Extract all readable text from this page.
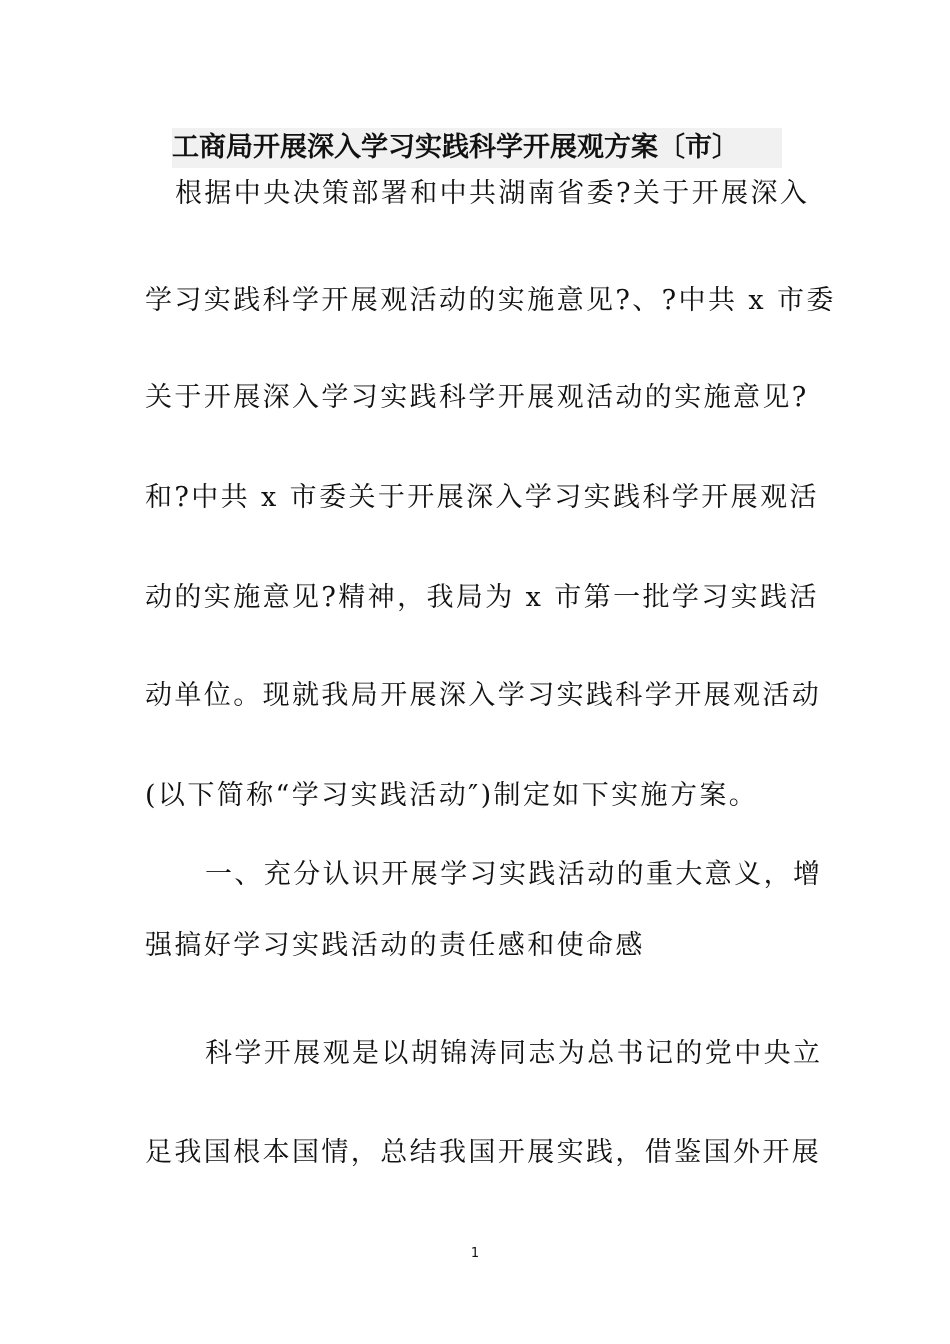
工商局开展深入学习实践科学开展观方案〔市〕
根据中央决策部署和中共湖南省委?关于开展深入
学习实践科学开展观活动的实施意见?、?中共 x 市委
关于开展深入学习实践科学开展观活动的实施意见?
和?中共 x 市委关于开展深入学习实践科学开展观活
动的实施意见?精神，我局为 x 市第一批学习实践活
动单位。现就我局开展深入学习实践科学开展观活动
(以下简称“学习实践活动″)制定如下实施方案。
一、充分认识开展学习实践活动的重大意义，增
强搞好学习实践活动的责任感和使命感
科学开展观是以胡锦涛同志为总书记的党中央立
足我国根本国情，总结我国开展实践，借鉴国外开展
1
